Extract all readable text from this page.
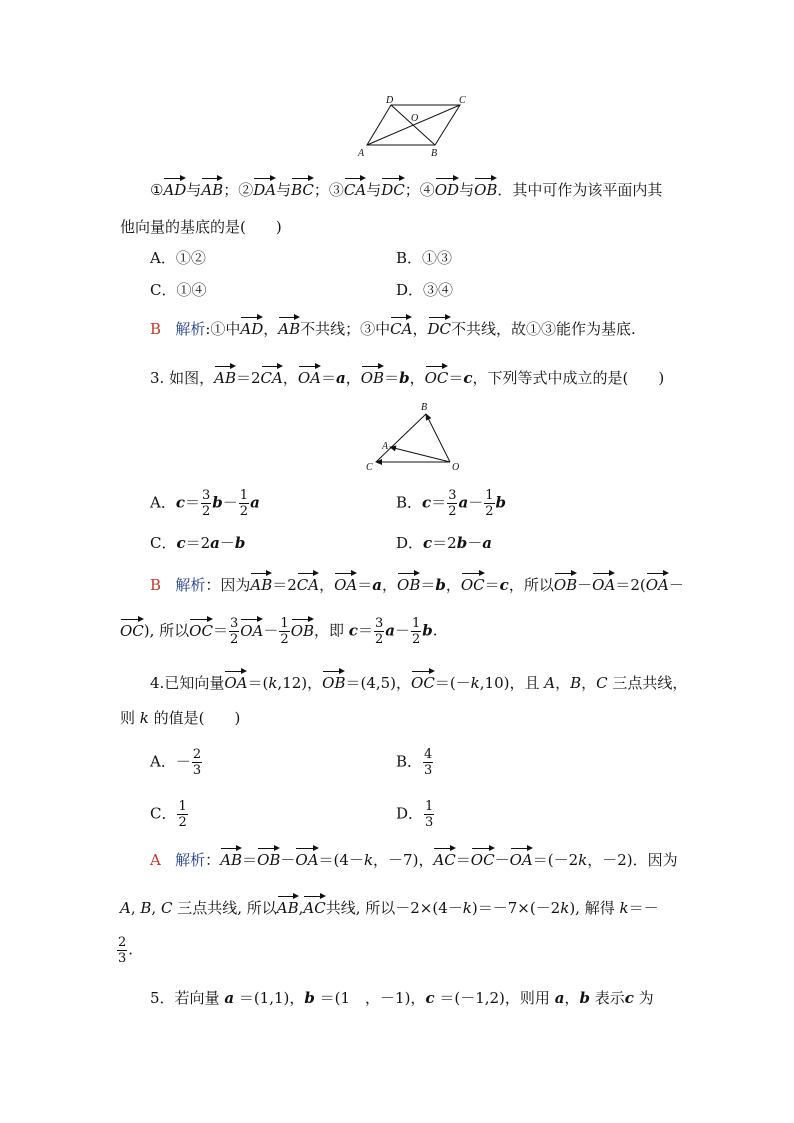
D	C
O
A	B
①AD与AB；②DA与BC；③CA与DC；④OD与OB．其中可作为该平面内其
他向量的基底的是(　　)
A．①②	B．①③
C．①④	D．③④
B 解析:①中AD，AB不共线；③中CA，DC不共线，故①③能作为基底.
3. 如图，AB＝2CA，OA＝a，OB＝b，OC＝c，下列等式中成立的是(　　)
B
A
C	O
A．$c= \frac{3}{2} b- \frac{1}{2}$ a	B．$c= \frac{3}{2} a- \frac{1}{2}$ b
C．c＝2a－b	D．c＝2b－a
B 解析：因为AB＝2CA，OA＝a，OB＝b，OC＝c，所以OB－OA＝2(OA－
OC), 所以$OC= \frac{3}{2} OA- \frac{1}{2}$ OB，即 $c= \frac{3}{2} a- \frac{1}{2} b$.
4.已知向量OA＝(k,12)，OB＝(4,5)，OC＝(－k,10)，且 A，B，C 三点共线，
则 k 的值是(　　)
A．－ $\frac{2}{3}$	B． $\frac{4}{3}$
C． $\frac{1}{2}$	D． $\frac{1}{3}$
A 解析：AB＝OB－OA＝(4－k，－7)，AC＝OC－OA＝(－2k，－2)．因为
A, B, C 三点共线, 所以AB,AC共线, 所以－2×(4－k)＝－7×(－2k), 解得 k＝－
$\frac{2}{3}$ .
5．若向量 a ＝(1,1)，b ＝(1　，－1)，c ＝(－1,2)，则用 a，b 表示c 为
